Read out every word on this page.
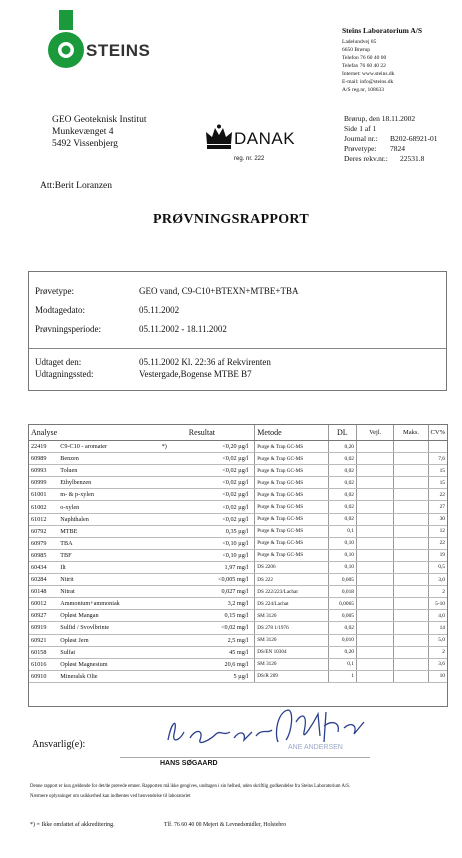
STEINS
Steins Laboratorium A/S
Ladelundvej 85
6650 Brørup
Telefon 76 60 40 00
Telefax 76 60 40 22
Internet: www.steins.dk
E-mail: info@steins.dk
A/S reg.nr, 108633
GEO Geoteknisk Institut
Munkevænget 4
5492 Vissenbjerg
Att:Berit Loranzen
DANAK
reg. nr. 222
Brørup, den 18.11.2002
Side 1 af 1
Journal nr.: B202-68921-01
Prøvetype: 7824
Deres rekv.nr.: 22531.8
PRØVNINGSRAPPORT
Prøvetype:	GEO vand, C9-C10+BTEXN+MTBE+TBA
Modtagedato:	05.11.2002
Prøvningsperiode:	05.11.2002 - 18.11.2002
Udtaget den:	05.11.2002 Kl. 22:36 af Rekvirenten
Udtagningssted:	Vestergade,Bogense MTBE B7
Analyse		Resultat	Metode	DL	Vejl.	Maks.	CV%
22419	C9-C10 - aromater *)	<0,20 µg/l	Purge & Trap GC-MS	0,20			
60989	Benzen	<0,02 µg/l	Purge & Trap GC-MS	0,02			7,6
60993	Toluen	<0,02 µg/l	Purge & Trap GC-MS	0,02			15
60999	Ethylbenzen	<0,02 µg/l	Purge & Trap GC-MS	0,02			15
61001	m- & p-xylen	<0,02 µg/l	Purge & Trap GC-MS	0,02			22
61002	o-xylen	<0,02 µg/l	Purge & Trap GC-MS	0,02			27
61012	Naphthalen	<0,02 µg/l	Purge & Trap GC-MS	0,02			30
60792	MTBE	0,35 µg/l	Purge & Trap GC-MS	0,1			12
60979	TBA	<0,10 µg/l	Purge & Trap GC-MS	0,10			22
60985	TBF	<0,10 µg/l	Purge & Trap GC-MS	0,10			19
60434	Ilt	1,97 mg/l	DS 2206	0,10			0,5
60284	Nitrit	<0,005 mg/l	DS 222	0,005			3,0
60148	Nitrat	0,027 mg/l	DS 222/223/Lachat	0,018			2
60012	Ammonium+ammoniak	3,2 mg/l	DS 224/Lachat	0,0065			5-10
60927	Opløst Mangan	0,15 mg/l	SM 3120	0,005			4,0
60919	Sulfid / Svovlbrinte	<0,02 mg/l	DS 278 1/1976	0,02			14
60921	Opløst Jern	2,5 mg/l	SM 3120	0,010			5,0
60158	Sulfat	45 mg/l	DS/EN 10304	0,20			2
61016	Opløst Magnesium	20,6 mg/l	SM 3120	0,1			3,6
60910	Mineralsk Olie	5 µg/l	DS/R 209	1			10
Ansvarlig(e):
HANS SØGAARD
ANE ANDERSEN
Denne rapport er kun gældende for det/de prøvede emner. Rapporten må ikke gengives, undtagen i sin helhed, uden skriftlig godkendelse fra Steins Laboratorium A/S.
Nærmere oplysninger om usikkerhed kan indhentes ved henvendelse til laboratoriet
*) = Ikke omfattet af akkreditering.	Tlf. 76 60 40 00 Mejeri & Levnedsmidler, Holstebro
